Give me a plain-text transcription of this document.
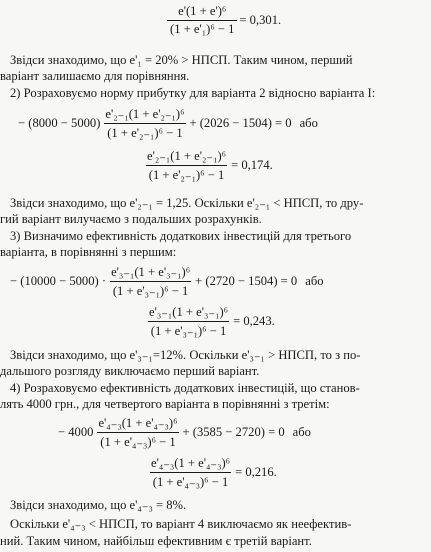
$\frac{\text{e'(1 + e')⁶}}{\text{(1 + e'₁)⁶ − 1}} = 0,301$.

Звідси знаходимо, що e'₁ = 20% > НПСП. Таким чином, перший

варіант залишаємо для порівняння.

2) Розраховуємо норму прибутку для варіанта 2 відносно варіанта І:

− $(8000 - 5000) \frac{\text{e'₂₋₁(1 + e'₂₋₁)⁶}}{\text{(1 + e'₂₋₁)⁶ − 1}} + (2026 - 1504) = 0$ або
$\frac{\text{e'₂₋₁(1 + e'₂₋₁)⁶}}{\text{(1 + e'₂₋₁)⁶ − 1}} = 0,174$.

Звідси знаходимо, що e'₂₋₁ = 1,25. Оскільки e'₂₋₁ < НПСП, то дру-

гий варіант вилучаємо з подальших розрахунків.

3) Визначимо ефективність додаткових інвестицій для третього

варіанта, в порівнянні з першим:

− $(10000 - 5000) \cdot \frac{\text{e'₃₋₁(1 + e'₃₋₁)⁶}}{\text{(1 + e'₃₋₁)⁶ − 1}} + (2720 - 1504) = 0$ або
$\frac{\text{e'₃₋₁(1 + e'₃₋₁)⁶}}{\text{(1 + e'₃₋₁)⁶ − 1}} = 0,243$.

Звідси знаходимо, що e'₃₋₁=12%. Оскільки e'₃₋₁ > НПСП, то з по-

дальшого розгляду виключаємо перший варіант.

4) Розраховуємо ефективність додаткових інвестицій, що станов-

лять 4000 грн., для четвертого варіанта в порівнянні з третім:

− $4000 \frac{\text{e'₄₋₃(1 + e'₄₋₃)⁶}}{\text{(1 + e'₄₋₃)⁶ − 1}} + (3585 - 2720) = 0$ або
$\frac{\text{e'₄₋₃(1 + e'₄₋₃)⁶}}{\text{(1 + e'₄₋₃)⁶ − 1}} = 0,216$.

Звідси знаходимо, що e'₄₋₃ = 8%.

Оскільки e'₄₋₃ < НПСП, то варіант 4 виключаємо як неефектив-

ний. Таким чином, найбільш ефективним є третій варіант.
